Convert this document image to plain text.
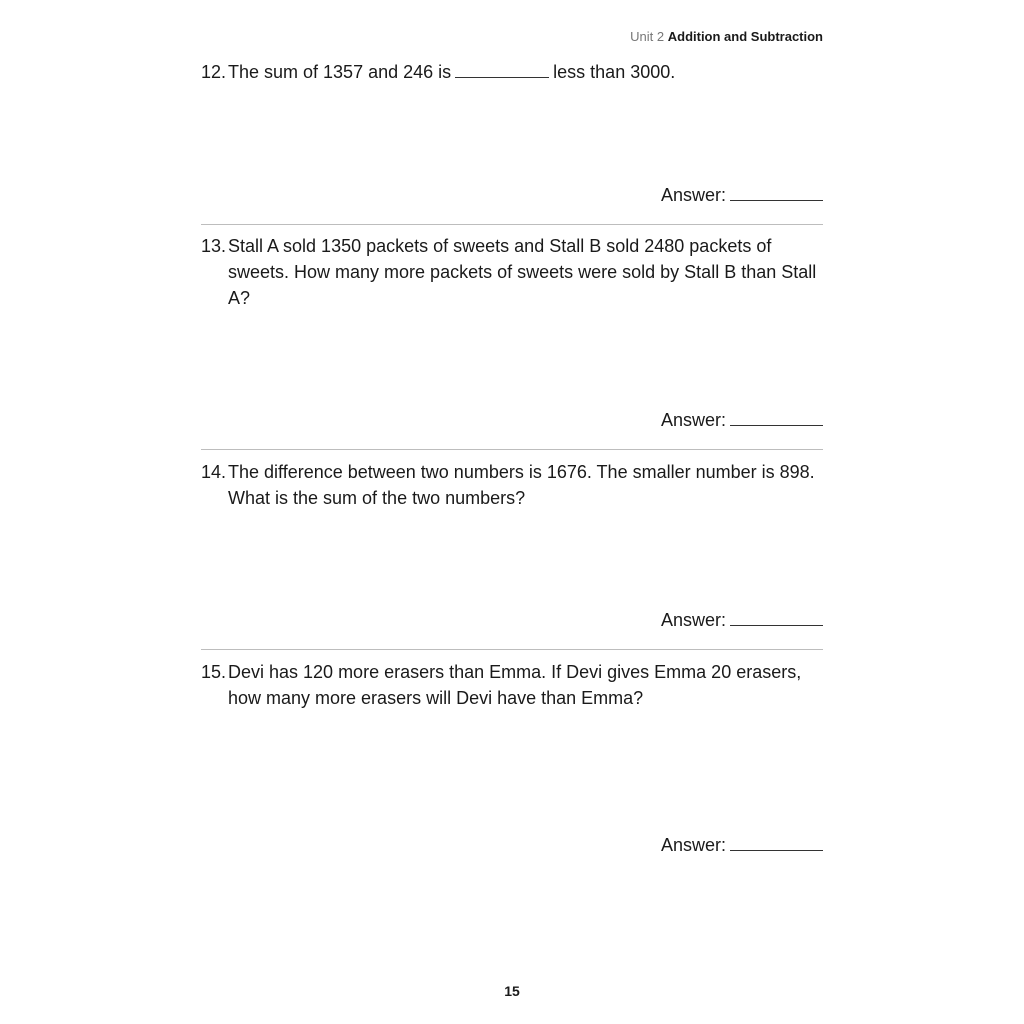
Unit 2 Addition and Subtraction
12. The sum of 1357 and 246 is	less than 3000.
Answer:
13. Stall A sold 1350 packets of sweets and Stall B sold 2480 packets of
sweets. How many more packets of sweets were sold by Stall B than Stall
A?
Answer:
14. The difference between two numbers is 1676. The smaller number is 898.
What is the sum of the two numbers?
Answer:
15. Devi has 120 more erasers than Emma. If Devi gives Emma 20 erasers,
how many more erasers will Devi have than Emma?
Answer:
15
